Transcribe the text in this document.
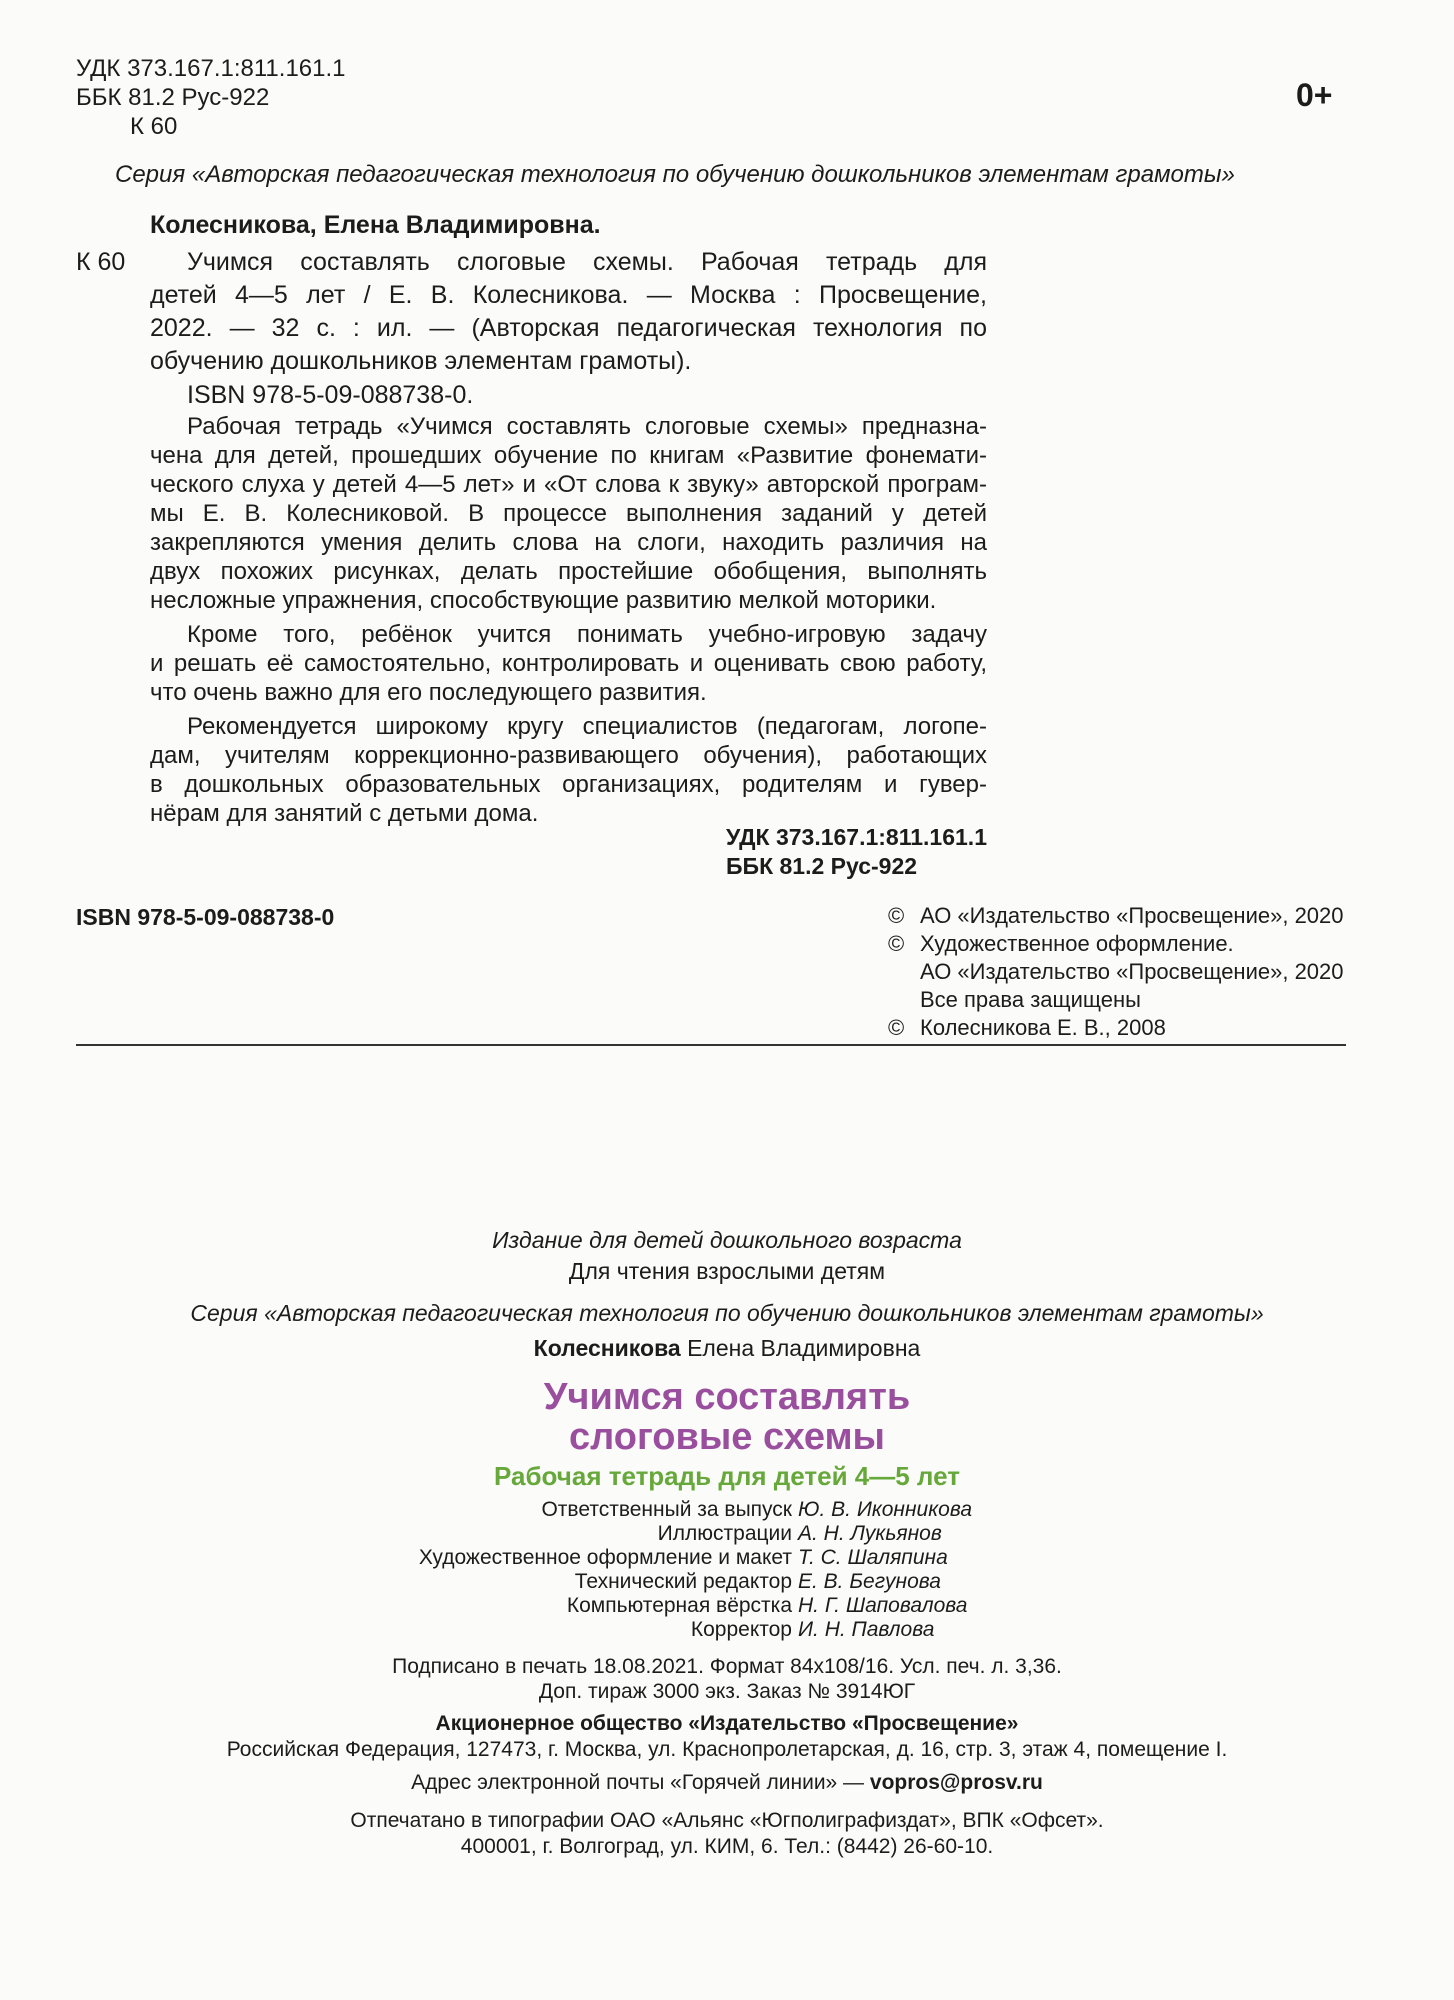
УДК 373.167.1:811.161.1
ББК 81.2 Рус-922
К 60
0+
Серия «Авторская педагогическая технология по обучению дошкольников элементам грамоты»
Колесникова, Елена Владимировна.
К 60 Учимся составлять слоговые схемы. Рабочая тетрадь для
детей 4—5 лет / Е. В. Колесникова. — Москва : Просвещение,
2022. — 32 с. : ил. — (Авторская педагогическая технология по
обучению дошкольников элементам грамоты).
ISBN 978-5-09-088738-0.
Рабочая тетрадь «Учимся составлять слоговые схемы» предназна-
чена для детей, прошедших обучение по книгам «Развитие фонемати-
ческого слуха у детей 4—5 лет» и «От слова к звуку» авторской програм-
мы Е. В. Колесниковой. В процессе выполнения заданий у детей
закрепляются умения делить слова на слоги, находить различия на
двух похожих рисунках, делать простейшие обобщения, выполнять
несложные упражнения, способствующие развитию мелкой моторики.
Кроме того, ребёнок учится понимать учебно-игровую задачу
и решать её самостоятельно, контролировать и оценивать свою работу,
что очень важно для его последующего развития.
Рекомендуется широкому кругу специалистов (педагогам, логопе-
дам, учителям коррекционно-развивающего обучения), работающих
в дошкольных образовательных организациях, родителям и гувер-
нёрам для занятий с детьми дома.
УДК 373.167.1:811.161.1
ББК 81.2 Рус-922
ISBN 978-5-09-088738-0	© АО «Издательство «Просвещение», 2020
© Художественное оформление.
АО «Издательство «Просвещение», 2020
Все права защищены
© Колесникова Е. В., 2008
Издание для детей дошкольного возраста
Для чтения взрослыми детям
Серия «Авторская педагогическая технология по обучению дошкольников элементам грамоты»
Колесникова Елена Владимировна
Учимся составлять
слоговые схемы
Рабочая тетрадь для детей 4—5 лет
Ответственный за выпуск Ю. В. Иконникова
Иллюстрации А. Н. Лукьянов
Художественное оформление и макет Т. С. Шаляпина
Технический редактор Е. В. Бегунова
Компьютерная вёрстка Н. Г. Шаповалова
Корректор И. Н. Павлова
Подписано в печать 18.08.2021. Формат 84x108/16. Усл. печ. л. 3,36.
Доп. тираж 3000 экз. Заказ № 3914ЮГ
Акционерное общество «Издательство «Просвещение»
Российская Федерация, 127473, г. Москва, ул. Краснопролетарская, д. 16, стр. 3, этаж 4, помещение I.
Адрес электронной почты «Горячей линии» — vopros@prosv.ru
Отпечатано в типографии ОАО «Альянс «Югполиграфиздат», ВПК «Офсет».
400001, г. Волгоград, ул. КИМ, 6. Тел.: (8442) 26-60-10.
